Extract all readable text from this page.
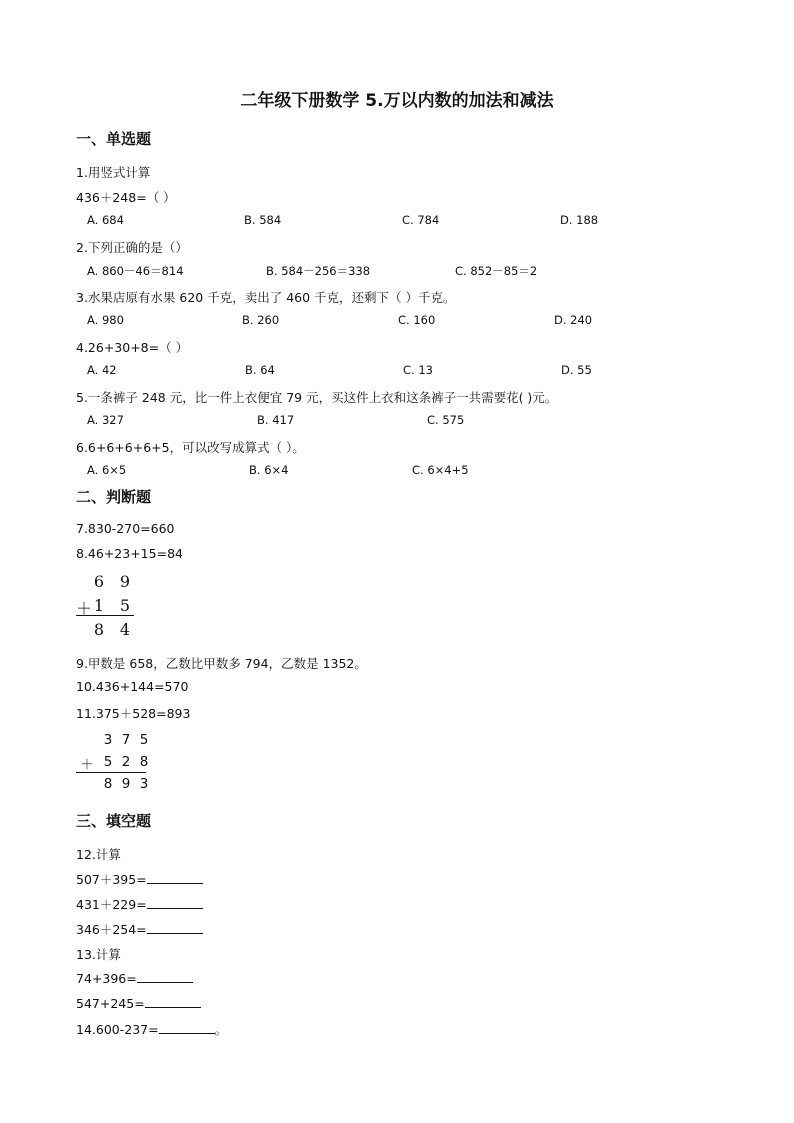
二年级下册数学 5.万以内数的加法和减法
一、单选题
1.用竖式计算
436＋248=（ ）
A. 684	B. 584	C. 784	D. 188
2.下列正确的是（）
A. 860－46＝814	B. 584－256＝338	C. 852－85＝2
3.水果店原有水果 620 千克，卖出了 460 千克，还剩下（ ）千克。
A. 980	B. 260	C. 160	D. 240
4.26+30+8=（ ）
A. 42	B. 64	C. 13	D. 55
5.一条裤子 248 元，比一件上衣便宜 79 元，买这件上衣和这条裤子一共需要花( )元。
A. 327	B. 417	C. 575
6.6+6+6+6+5，可以改写成算式（ ）。
A. 6×5	B. 6×4	C. 6×4+5
二、判断题
7.830-270=660
8.46+23+15=84
6 9
＋ 1 5
8 4
9.甲数是 658，乙数比甲数多 794，乙数是 1352。
10.436+144=570
11.375＋528=893
3 7 5
＋ 5 2 8
8 9 3
三、填空题
12.计算
507＋395=
431＋229=
346＋254=
13.计算
74+396=
547+245=
14.600-237=	。
